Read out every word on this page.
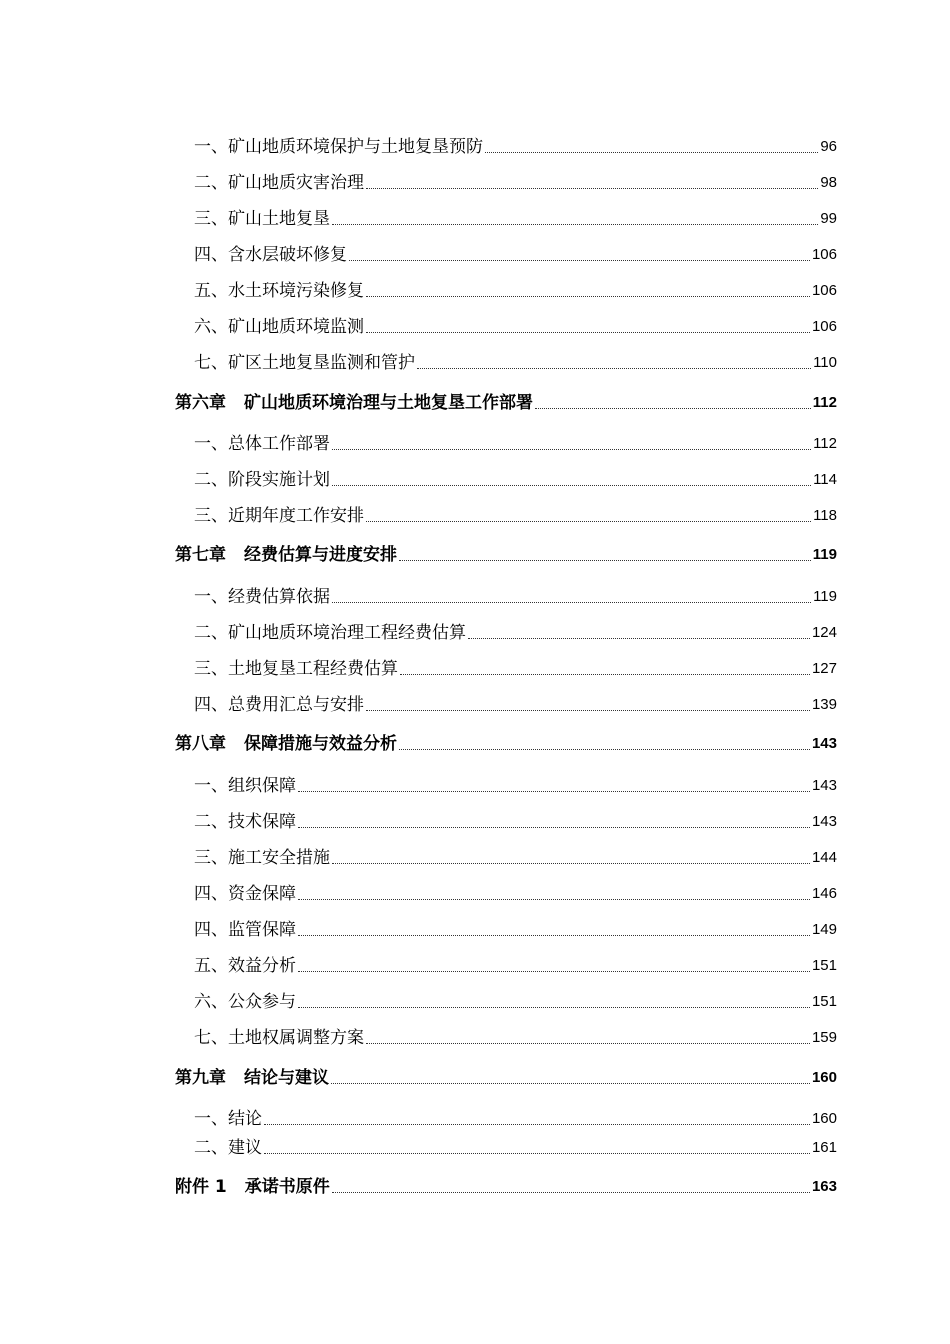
一、矿山地质环境保护与土地复垦预防	96
二、矿山地质灾害治理	98
三、矿山土地复垦	99
四、含水层破坏修复	106
五、水土环境污染修复	106
六、矿山地质环境监测	106
七、矿区土地复垦监测和管护	110
第六章 矿山地质环境治理与土地复垦工作部署	112
一、总体工作部署	112
二、阶段实施计划	114
三、近期年度工作安排	118
第七章 经费估算与进度安排	119
一、经费估算依据	119
二、矿山地质环境治理工程经费估算	124
三、土地复垦工程经费估算	127
四、总费用汇总与安排	139
第八章 保障措施与效益分析	143
一、组织保障	143
二、技术保障	143
三、施工安全措施	144
四、资金保障	146
四、监管保障	149
五、效益分析	151
六、公众参与	151
七、土地权属调整方案	159
第九章 结论与建议	160
一、结论	160
二、建议	161
附件 1 承诺书原件	163
